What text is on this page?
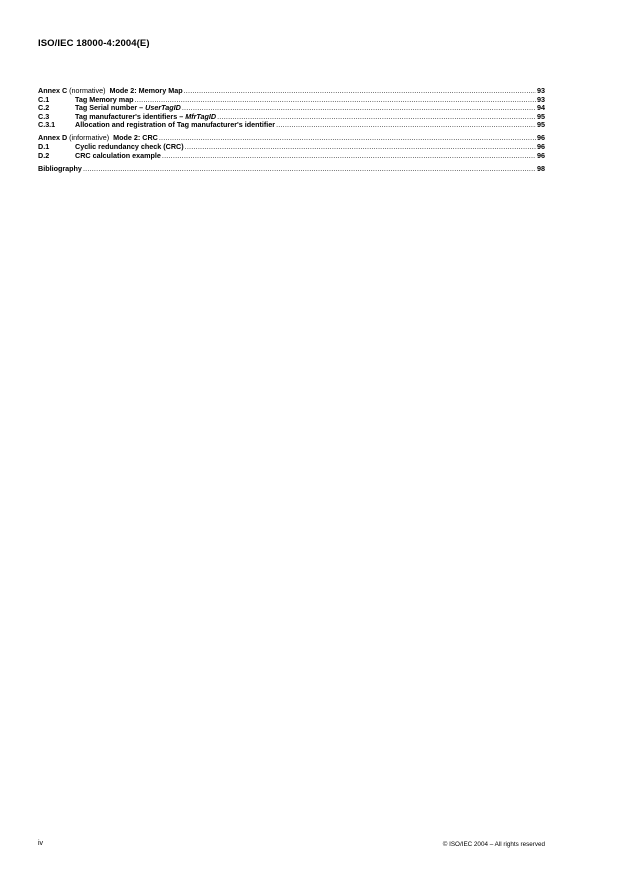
ISO/IEC 18000-4:2004(E)
Annex C (normative) Mode 2: Memory Map .....	93
C.1	Tag Memory map .....	93
C.2	Tag Serial number – UserTagID .....	94
C.3	Tag manufacturer's identifiers – MfrTagID .....	95
C.3.1	Allocation and registration of Tag manufacturer's identifier .....	95
Annex D (informative) Mode 2: CRC .....	96
D.1	Cyclic redundancy check (CRC) .....	96
D.2	CRC calculation example .....	96
Bibliography .....	98
iv	© ISO/IEC 2004 – All rights reserved
